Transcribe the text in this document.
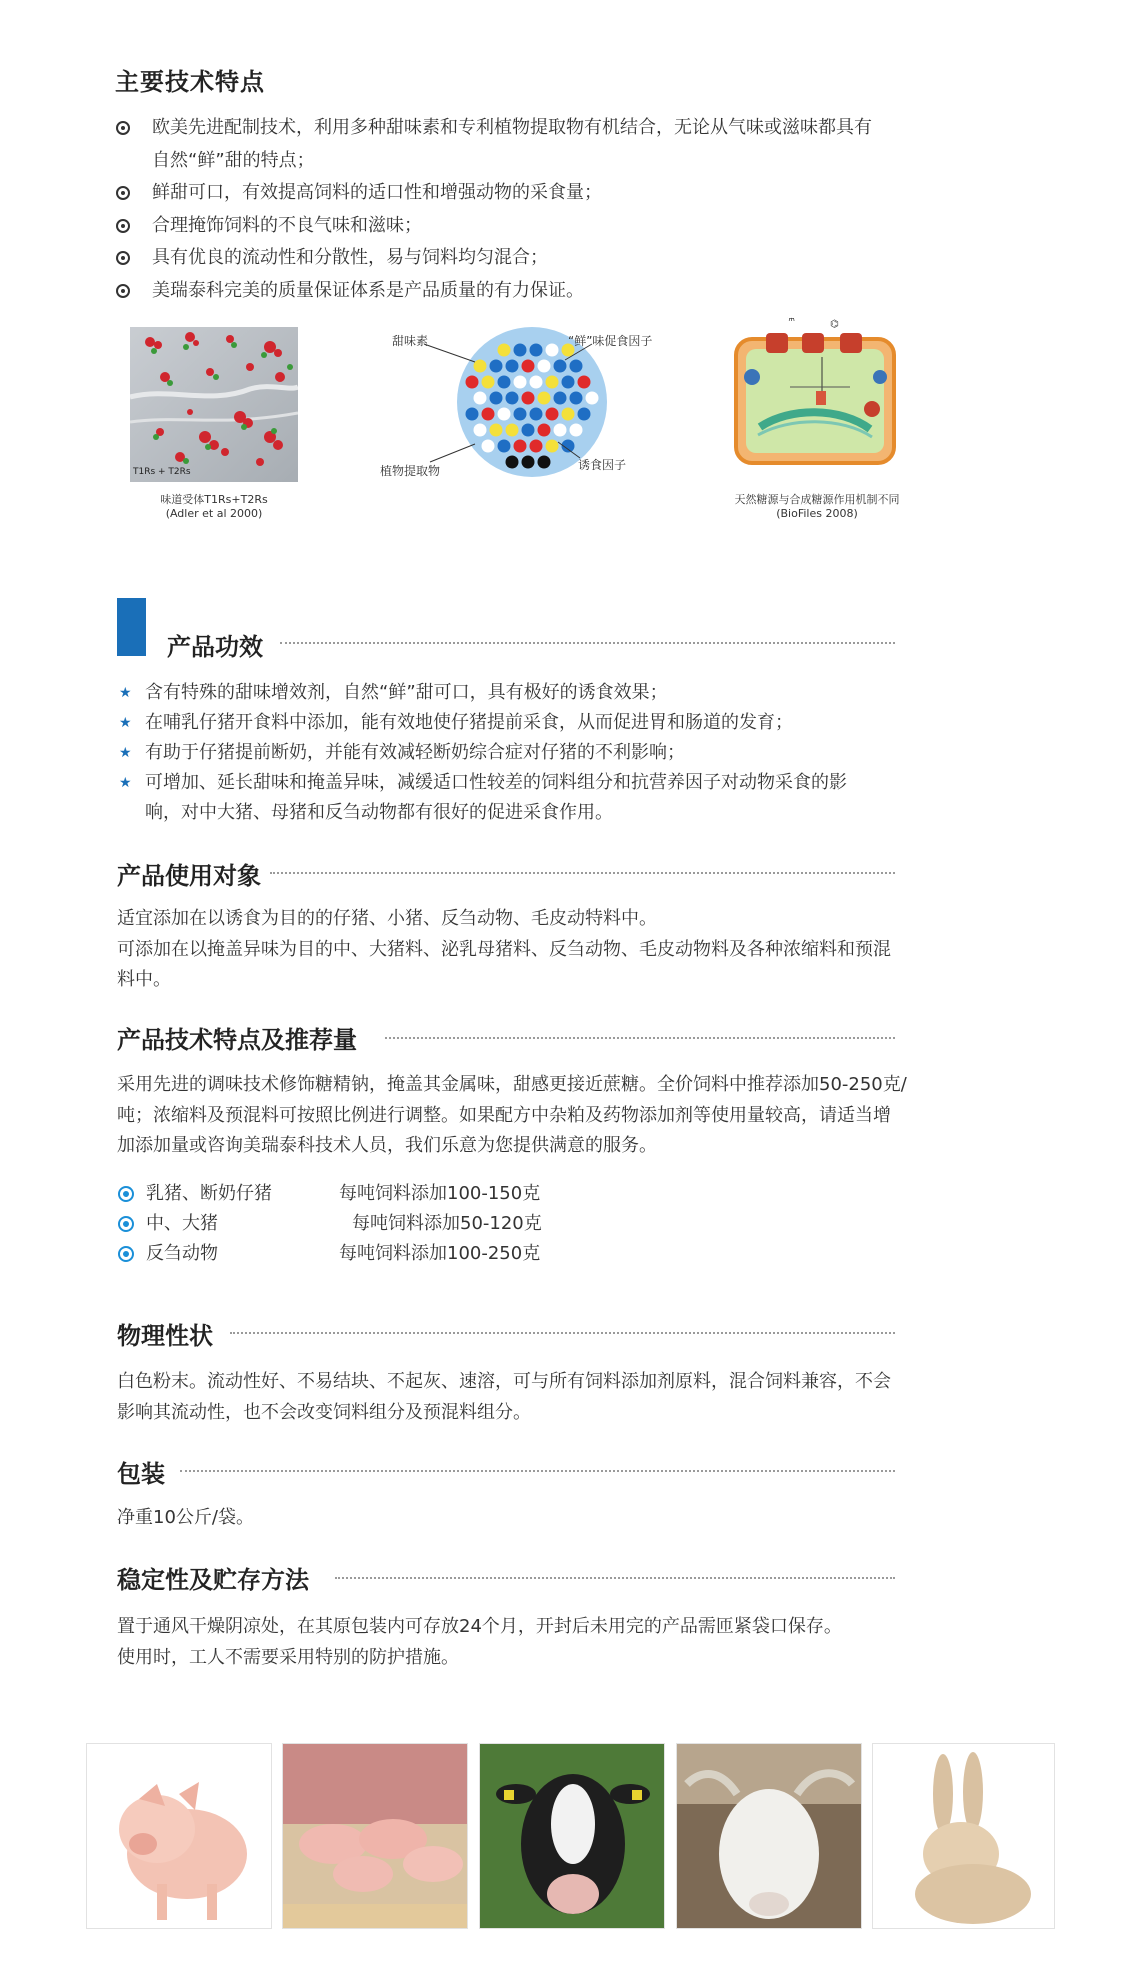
主要技术特点
欧美先进配制技术，利用多种甜味素和专利植物提取物有机结合，无论从气味或滋味都具有自然“鲜”甜的特点；
鲜甜可口，有效提高饲料的适口性和增强动物的采食量；
合理掩饰饲料的不良气味和滋味；
具有优良的流动性和分散性，易与饲料均匀混合；
美瑞泰科完美的质量保证体系是产品质量的有力保证。
T1Rs + T2Rs
味道受体T1Rs+T2Rs
(Adler et al 2000)
甜味素	“鲜”味促食因子
植物提取物	诱食因子
⚗
⌬
天然糖源与合成糖源作用机制不同
(BioFiles 2008)
产品功效
★ 含有特殊的甜味增效剂，自然“鲜”甜可口，具有极好的诱食效果；
★ 在哺乳仔猪开食料中添加，能有效地使仔猪提前采食，从而促进胃和肠道的发育；
★ 有助于仔猪提前断奶，并能有效减轻断奶综合症对仔猪的不利影响；
★ 可增加、延长甜味和掩盖异味，减缓适口性较差的饲料组分和抗营养因子对动物采食的影响，对中大猪、母猪和反刍动物都有很好的促进采食作用。
产品使用对象
适宜添加在以诱食为目的的仔猪、小猪、反刍动物、毛皮动特料中。
可添加在以掩盖异味为目的中、大猪料、泌乳母猪料、反刍动物、毛皮动物料及各种浓缩料和预混料中。
产品技术特点及推荐量
采用先进的调味技术修饰糖精钠，掩盖其金属味，甜感更接近蔗糖。全价饲料中推荐添加50-250克/吨；浓缩料及预混料可按照比例进行调整。如果配方中杂粕及药物添加剂等使用量较高，请适当增加添加量或咨询美瑞泰科技术人员，我们乐意为您提供满意的服务。
乳猪、断奶仔猪	每吨饲料添加100-150克
中、大猪	每吨饲料添加50-120克
反刍动物	每吨饲料添加100-250克
物理性状
白色粉末。流动性好、不易结块、不起灰、速溶，可与所有饲料添加剂原料，混合饲料兼容，不会影响其流动性，也不会改变饲料组分及预混料组分。
包装
净重10公斤/袋。
稳定性及贮存方法
置于通风干燥阴凉处，在其原包装内可存放24个月，开封后未用完的产品需匝紧袋口保存。
使用时，工人不需要采用特别的防护措施。
